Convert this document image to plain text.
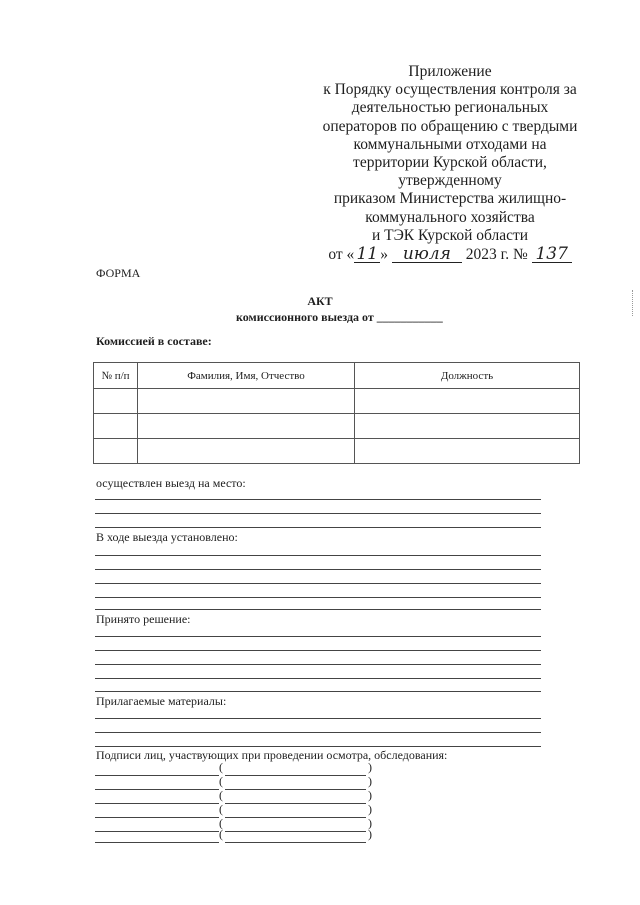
Приложение
к Порядку осуществления контроля за
деятельностью региональных
операторов по обращению с твердыми
коммунальными отходами на
территории Курской области,
утвержденному
приказом Министерства жилищно-
коммунального хозяйства
и ТЭК Курской области
от « 11 » июля 2023 г. № 137
ФОРМА
АКТ
комиссионного выезда от ___________
Комиссией в составе:
№ п/п	Фамилия, Имя, Отчество	Должность

осуществлен выезд на место:
В ходе выезда установлено:
Принято решение:
Прилагаемые материалы:
Подписи лиц, участвующих при проведении осмотра, обследования:
(	)
(	)
(	)
(	)
(	)
(	)
